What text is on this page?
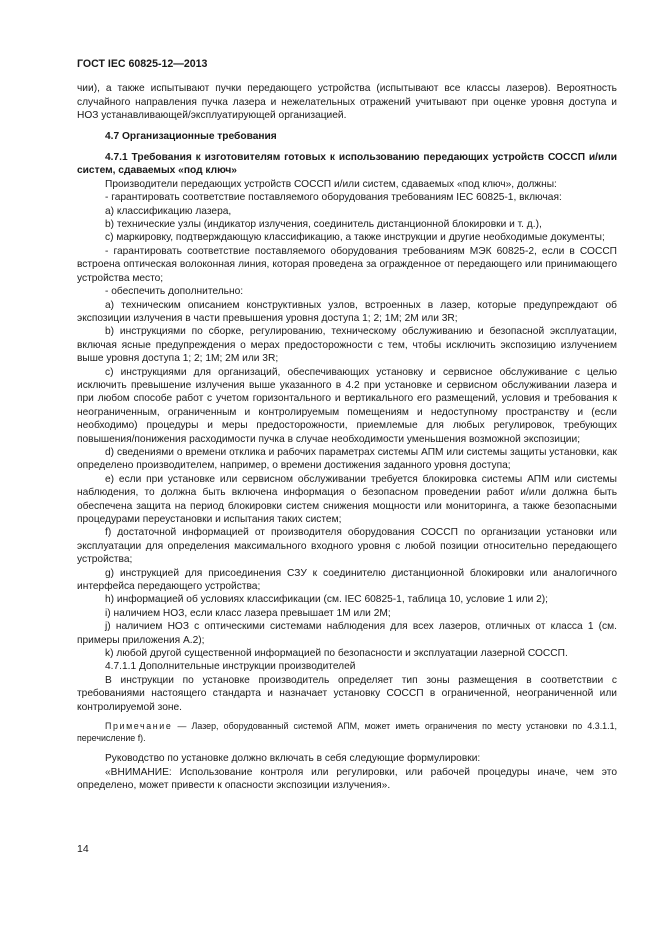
ГОСТ IEC 60825-12—2013

чии), а также испытывают пучки передающего устройства (испытывают все классы лазеров). Вероятность случайного направления пучка лазера и нежелательных отражений учитывают при оценке уровня доступа и НОЗ устанавливающей/эксплуатирующей организацией.

4.7 Организационные требования

4.7.1 Требования к изготовителям готовых к использованию передающих устройств СОССП и/или систем, сдаваемых «под ключ»

Производители передающих устройств СОССП и/или систем, сдаваемых «под ключ», должны:

- гарантировать соответствие поставляемого оборудования требованиям IEC 60825-1, включая:

a) классификацию лазера,

b) технические узлы (индикатор излучения, соединитель дистанционной блокировки и т. д.),

c) маркировку, подтверждающую классификацию, а также инструкции и другие необходимые документы;

- гарантировать соответствие поставляемого оборудования требованиям МЭК 60825-2, если в СОССП встроена оптическая волоконная линия, которая проведена за огражденное от передающего или принимающего устройства место;

- обеспечить дополнительно:

a) техническим описанием конструктивных узлов, встроенных в лазер, которые предупреждают об экспозиции излучения в части превышения уровня доступа 1; 2; 1M; 2M или 3R;

b) инструкциями по сборке, регулированию, техническому обслуживанию и безопасной эксплуатации, включая ясные предупреждения о мерах предосторожности с тем, чтобы исключить экспозицию излучением выше уровня доступа 1; 2; 1M; 2M или 3R;

c) инструкциями для организаций, обеспечивающих установку и сервисное обслуживание с целью исключить превышение излучения выше указанного в 4.2 при установке и сервисном обслуживании лазера и при любом способе работ с учетом горизонтального и вертикального его размещений, условия и требования к неограниченным, ограниченным и контролируемым помещениям и недоступному пространству и (если необходимо) процедуры и меры предосторожности, приемлемые для любых регулировок, требующих повышения/понижения расходимости пучка в случае необходимости уменьшения возможной экспозиции;

d) сведениями о времени отклика и рабочих параметрах системы АПМ или системы защиты установки, как определено производителем, например, о времени достижения заданного уровня доступа;

e) если при установке или сервисном обслуживании требуется блокировка системы АПМ или системы наблюдения, то должна быть включена информация о безопасном проведении работ и/или должна быть обеспечена защита на период блокировки систем снижения мощности или мониторинга, а также безопасными процедурами переустановки и испытания таких систем;

f) достаточной информацией от производителя оборудования СОССП по организации установки или эксплуатации для определения максимального входного уровня с любой позиции относительно передающего устройства;

g) инструкцией для присоединения СЗУ к соединителю дистанционной блокировки или аналогичного интерфейса передающего устройства;

h) информацией об условиях классификации (см. IEC 60825-1, таблица 10, условие 1 или 2);

i) наличием НОЗ, если класс лазера превышает 1M или 2M;

j) наличием НОЗ с оптическими системами наблюдения для всех лазеров, отличных от класса 1 (см. примеры приложения А.2);

k) любой другой существенной информацией по безопасности и эксплуатации лазерной СОССП.

4.7.1.1 Дополнительные инструкции производителей

В инструкции по установке производитель определяет тип зоны размещения в соответствии с требованиями настоящего стандарта и назначает установку СОССП в ограниченной, неограниченной или контролируемой зоне.

Примечание — Лазер, оборудованный системой АПМ, может иметь ограничения по месту установки по 4.3.1.1, перечисление f).

Руководство по установке должно включать в себя следующие формулировки:

«ВНИМАНИЕ: Использование контроля или регулировки, или рабочей процедуры иначе, чем это определено, может привести к опасности экспозиции излучения».

14
